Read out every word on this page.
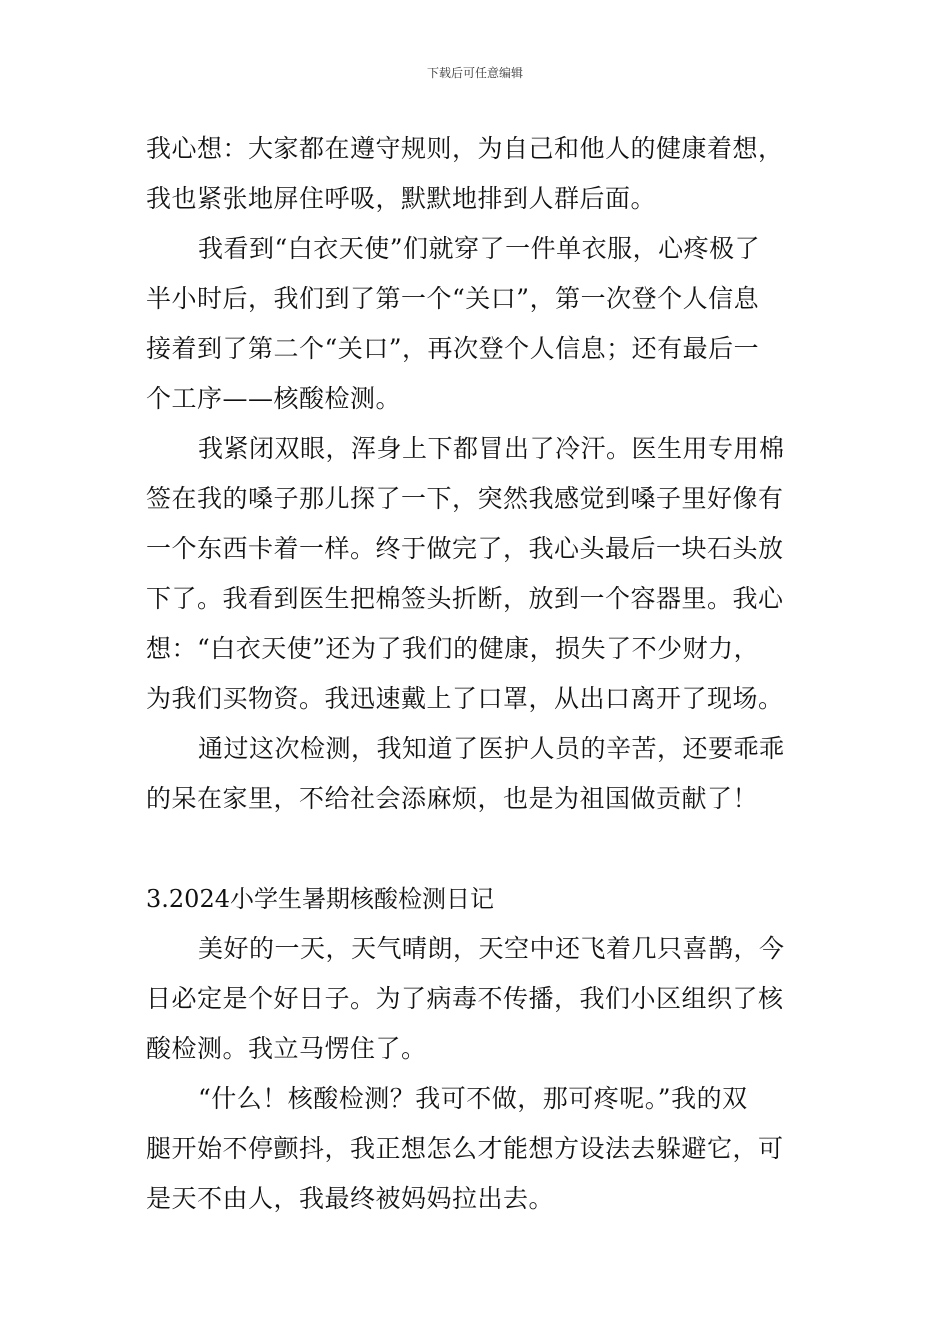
下载后可任意编辑
我心想：大家都在遵守规则，为自己和他人的健康着想，
我也紧张地屏住呼吸，默默地排到人群后面。
我看到“白衣天使”们就穿了一件单衣服，心疼极了
半小时后，我们到了第一个“关口”，第一次登个人信息
接着到了第二个“关口”，再次登个人信息；还有最后一
个工序——核酸检测。
我紧闭双眼，浑身上下都冒出了冷汗。医生用专用棉
签在我的嗓子那儿探了一下，突然我感觉到嗓子里好像有
一个东西卡着一样。终于做完了，我心头最后一块石头放
下了。我看到医生把棉签头折断，放到一个容器里。我心
想：“白衣天使”还为了我们的健康，损失了不少财力，
为我们买物资。我迅速戴上了口罩，从出口离开了现场。
通过这次检测，我知道了医护人员的辛苦，还要乖乖
的呆在家里，不给社会添麻烦，也是为祖国做贡献了！
3.2024小学生暑期核酸检测日记
美好的一天，天气晴朗，天空中还飞着几只喜鹊，今
日必定是个好日子。为了病毒不传播，我们小区组织了核
酸检测。我立马愣住了。
“什么！核酸检测？我可不做，那可疼呢。”我的双
腿开始不停颤抖，我正想怎么才能想方设法去躲避它，可
是天不由人，我最终被妈妈拉出去。
